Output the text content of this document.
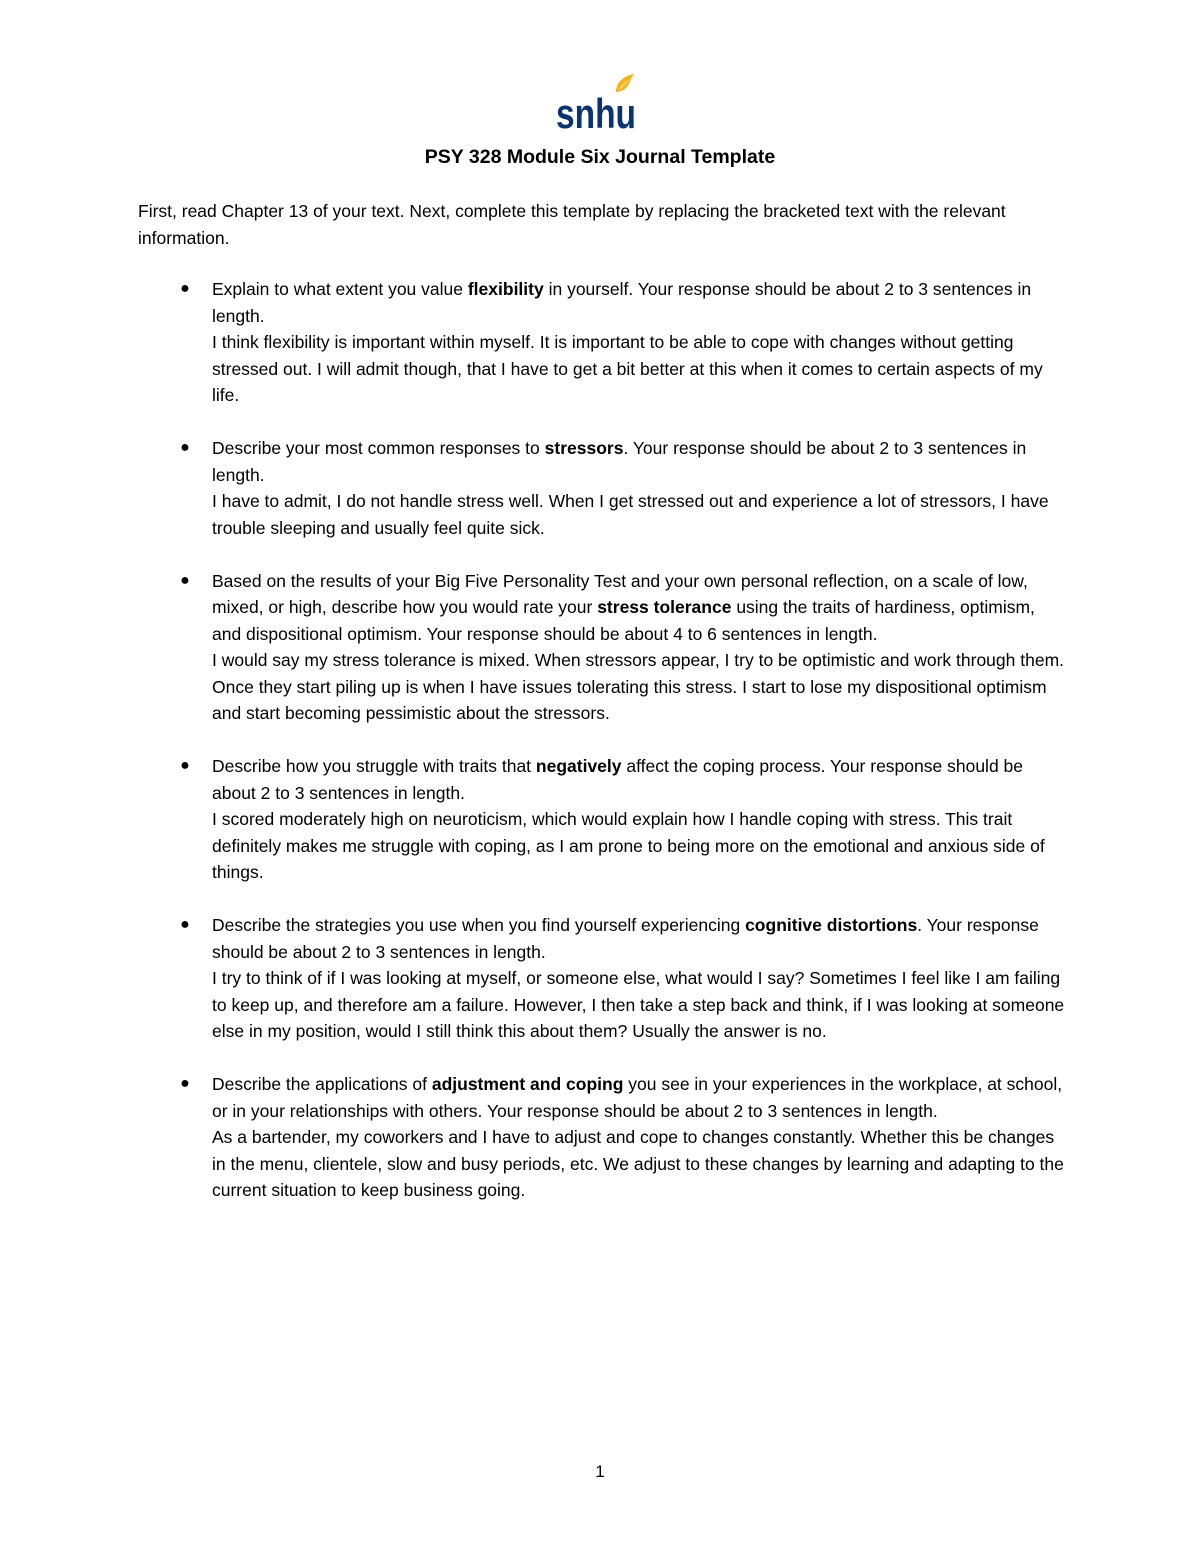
snhu
PSY 328 Module Six Journal Template
First, read Chapter 13 of your text. Next, complete this template by replacing the bracketed text with the relevant information.
● Explain to what extent you value flexibility in yourself. Your response should be about 2 to 3 sentences in length.
I think flexibility is important within myself. It is important to be able to cope with changes without getting stressed out. I will admit though, that I have to get a bit better at this when it comes to certain aspects of my life.
● Describe your most common responses to stressors. Your response should be about 2 to 3 sentences in length.
I have to admit, I do not handle stress well. When I get stressed out and experience a lot of stressors, I have trouble sleeping and usually feel quite sick.
● Based on the results of your Big Five Personality Test and your own personal reflection, on a scale of low, mixed, or high, describe how you would rate your stress tolerance using the traits of hardiness, optimism, and dispositional optimism. Your response should be about 4 to 6 sentences in length.
I would say my stress tolerance is mixed. When stressors appear, I try to be optimistic and work through them. Once they start piling up is when I have issues tolerating this stress. I start to lose my dispositional optimism and start becoming pessimistic about the stressors.
● Describe how you struggle with traits that negatively affect the coping process. Your response should be about 2 to 3 sentences in length.
I scored moderately high on neuroticism, which would explain how I handle coping with stress. This trait definitely makes me struggle with coping, as I am prone to being more on the emotional and anxious side of things.
● Describe the strategies you use when you find yourself experiencing cognitive distortions. Your response should be about 2 to 3 sentences in length.
I try to think of if I was looking at myself, or someone else, what would I say? Sometimes I feel like I am failing to keep up, and therefore am a failure. However, I then take a step back and think, if I was looking at someone else in my position, would I still think this about them? Usually the answer is no.
● Describe the applications of adjustment and coping you see in your experiences in the workplace, at school, or in your relationships with others. Your response should be about 2 to 3 sentences in length.
As a bartender, my coworkers and I have to adjust and cope to changes constantly. Whether this be changes in the menu, clientele, slow and busy periods, etc. We adjust to these changes by learning and adapting to the current situation to keep business going.
1
